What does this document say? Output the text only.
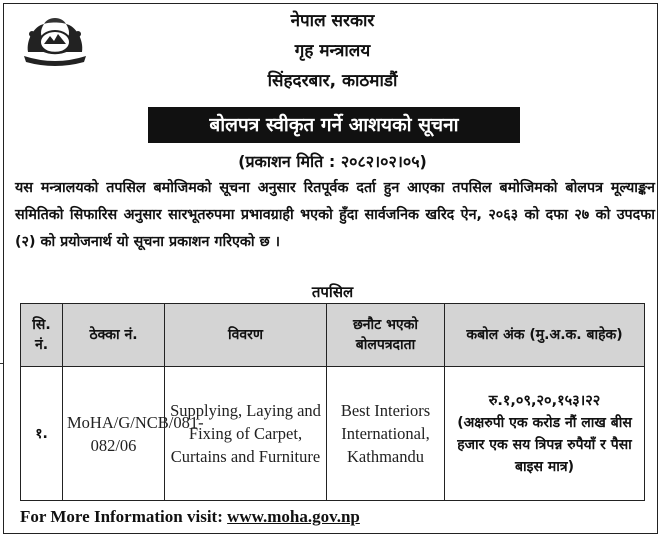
नेपाल सरकार
गृह मन्त्रालय
सिंहदरबार, काठमाडौं
बोलपत्र स्वीकृत गर्ने आशयको सूचना
(प्रकाशन मिति : २०८२।०२।०५)
यस मन्त्रालयको तपसिल बमोजिमको सूचना अनुसार रितपूर्वक दर्ता हुन आएका तपसिल बमोजिमको बोलपत्र मूल्याङ्कन समितिको सिफारिस अनुसार सारभूतरुपमा प्रभावग्राही भएको हुँदा सार्वजनिक खरिद ऐन, २०६३ को दफा २७ को उपदफा (२) को प्रयोजनार्थ यो सूचना प्रकाशन गरिएको छ ।
तपसिल
सि. नं.	ठेक्का नं.	विवरण	छनौट भएको बोलपत्रदाता	कबोल अंक (मु.अ.क. बाहेक)
१.	MoHA/G/NCB/081-082/06	Supplying, Laying and Fixing of Carpet, Curtains and Furniture	Best Interiors International, Kathmandu	रु.१,०९,२०,१५३।२२
(अक्षरुपी एक करोड नौं लाख बीस हजार एक सय त्रिपन्न रुपैयाँ र पैसा बाइस मात्र)
For More Information visit: www.moha.gov.np
